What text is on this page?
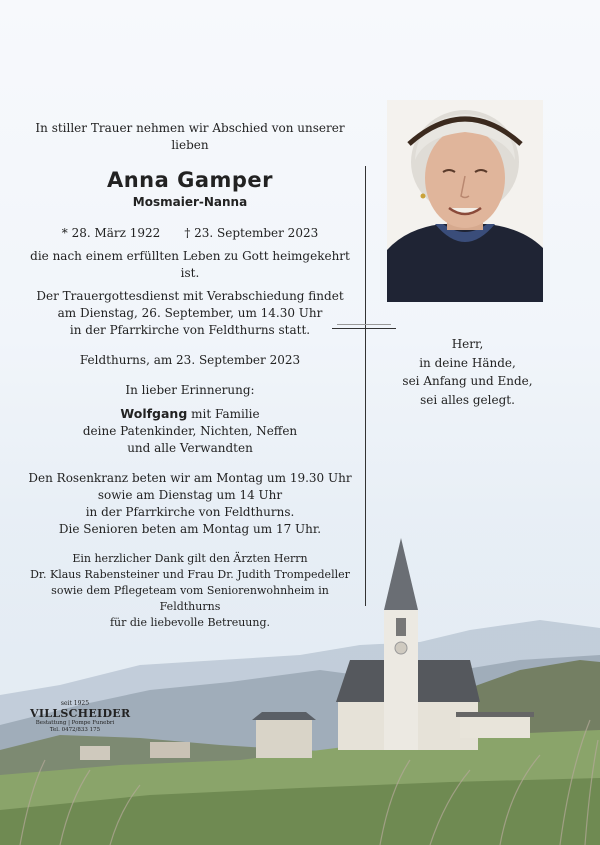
In stiller Trauer nehmen wir Abschied von unserer lieben
Anna Gamper
Mosmaier-Nanna
* 28. März 1922 † 23. September 2023
die nach einem erfüllten Leben zu Gott heimgekehrt ist.
Der Trauergottesdienst mit Verabschiedung findet
am Dienstag, 26. September, um 14.30 Uhr
in der Pfarrkirche von Feldthurns statt.
Feldthurns, am 23. September 2023
In lieber Erinnerung:
Wolfgang mit Familie
deine Patenkinder, Nichten, Neffen
und alle Verwandten
Den Rosenkranz beten wir am Montag um 19.30 Uhr
sowie am Dienstag um 14 Uhr
in der Pfarrkirche von Feldthurns.
Die Senioren beten am Montag um 17 Uhr.
Ein herzlicher Dank gilt den Ärzten Herrn
Dr. Klaus Rabensteiner und Frau Dr. Judith Trompedeller
sowie dem Pflegeteam vom Seniorenwohnheim in Feldthurns
für die liebevolle Betreuung.
Herr,
in deine Hände,
sei Anfang und Ende,
sei alles gelegt.
seit 1925
VILLSCHEIDER
Bestattung | Pompe Funebri
Tel. 0472/833 175
